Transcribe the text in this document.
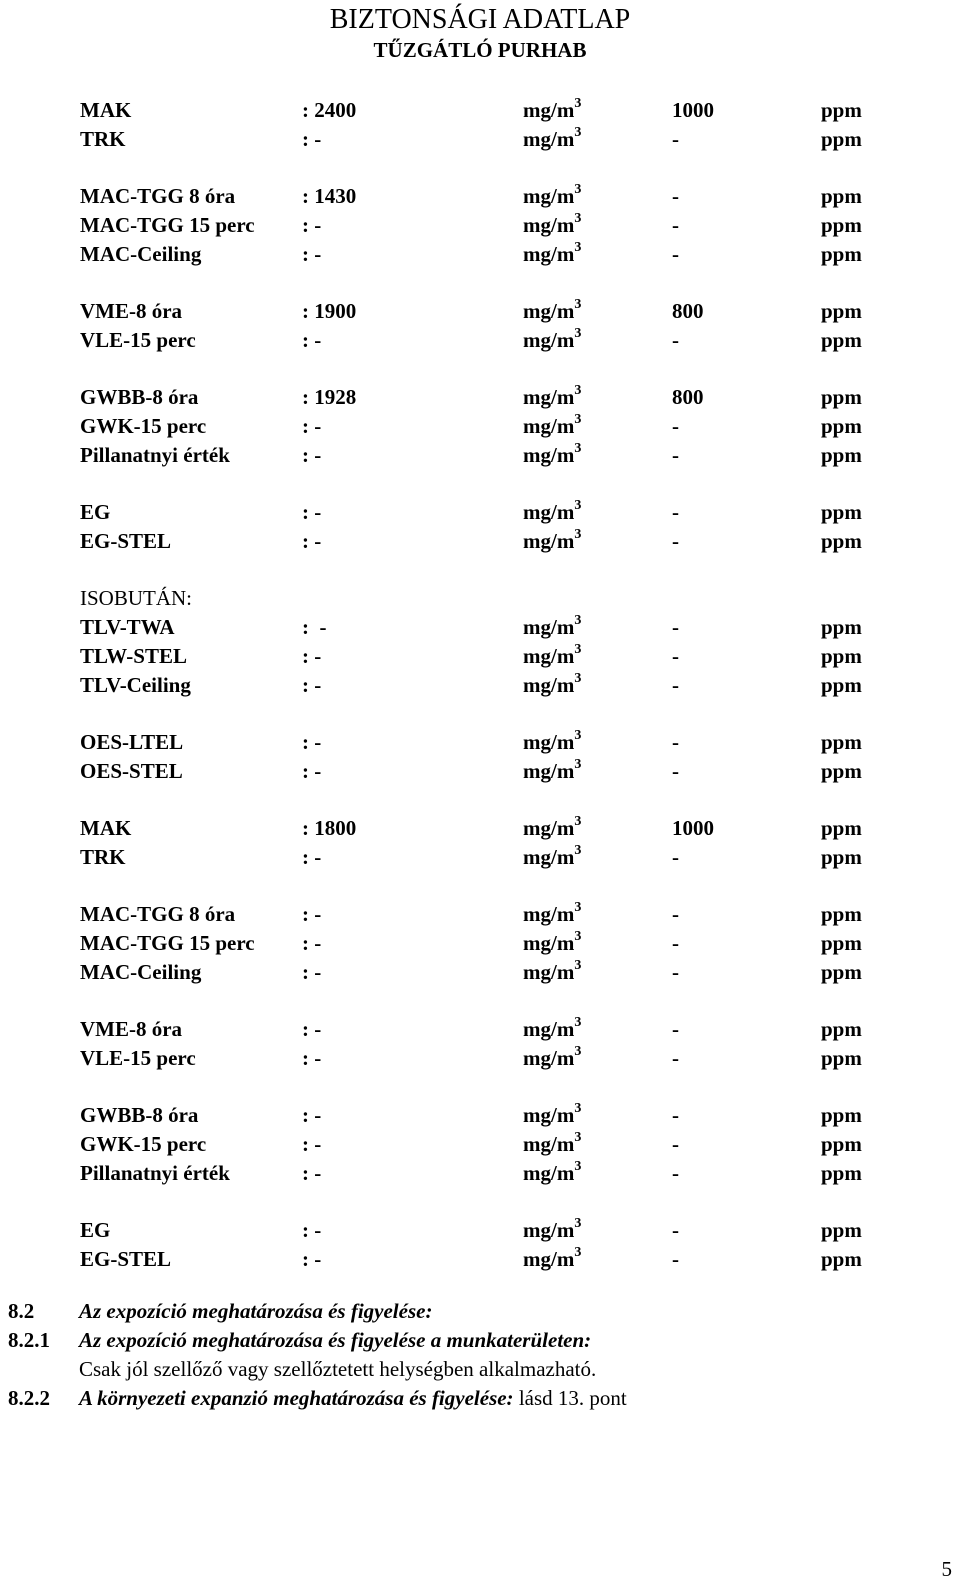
BIZTONSÁGI ADATLAP
TŰZGÁTLÓ PURHAB
MAK	: 2400	$mg/m^3$	1000	ppm
TRK	: -	$mg/m^3$	-	ppm
MAC-TGG 8 óra	: 1430	$mg/m^3$	-	ppm
MAC-TGG 15 perc : -	$mg/m^3$	-	ppm
MAC-Ceiling	: -	$mg/m^3$	-	ppm
VME-8 óra	: 1900	$mg/m^3$	800	ppm
VLE-15 perc	: -	$mg/m^3$	-	ppm
GWBB-8 óra	: 1928	$mg/m^3$	800	ppm
GWK-15 perc	: -	$mg/m^3$	-	ppm
Pillanatnyi érték	: -	$mg/m^3$	-	ppm
EG	: -	$mg/m^3$	-	ppm
EG-STEL	: -	$mg/m^3$	-	ppm
ISOBUTÁN:
TLV-TWA	:  -	$mg/m^3$	-	ppm
TLW-STEL	: -	$mg/m^3$	-	ppm
TLV-Ceiling	: -	$mg/m^3$	-	ppm
OES-LTEL	: -	$mg/m^3$	-	ppm
OES-STEL	: -	$mg/m^3$	-	ppm
MAK	: 1800	$mg/m^3$	1000	ppm
TRK	: -	$mg/m^3$	-	ppm
MAC-TGG 8 óra	: -	$mg/m^3$	-	ppm
MAC-TGG 15 perc : -	$mg/m^3$	-	ppm
MAC-Ceiling	: -	$mg/m^3$	-	ppm
VME-8 óra	: -	$mg/m^3$	-	ppm
VLE-15 perc	: -	$mg/m^3$	-	ppm
GWBB-8 óra	: -	$mg/m^3$	-	ppm
GWK-15 perc	: -	$mg/m^3$	-	ppm
Pillanatnyi érték	: -	$mg/m^3$	-	ppm
EG	: -	$mg/m^3$	-	ppm
EG-STEL	: -	$mg/m^3$	-	ppm
8.2 Az expozíció meghatározása és figyelése:
8.2.1 Az expozíció meghatározása és figyelése a munkaterületen:
Csak jól szellőző vagy szellőztetett helységben alkalmazható.
8.2.2 A környezeti expanzió meghatározása és figyelése: lásd 13. pont
5
